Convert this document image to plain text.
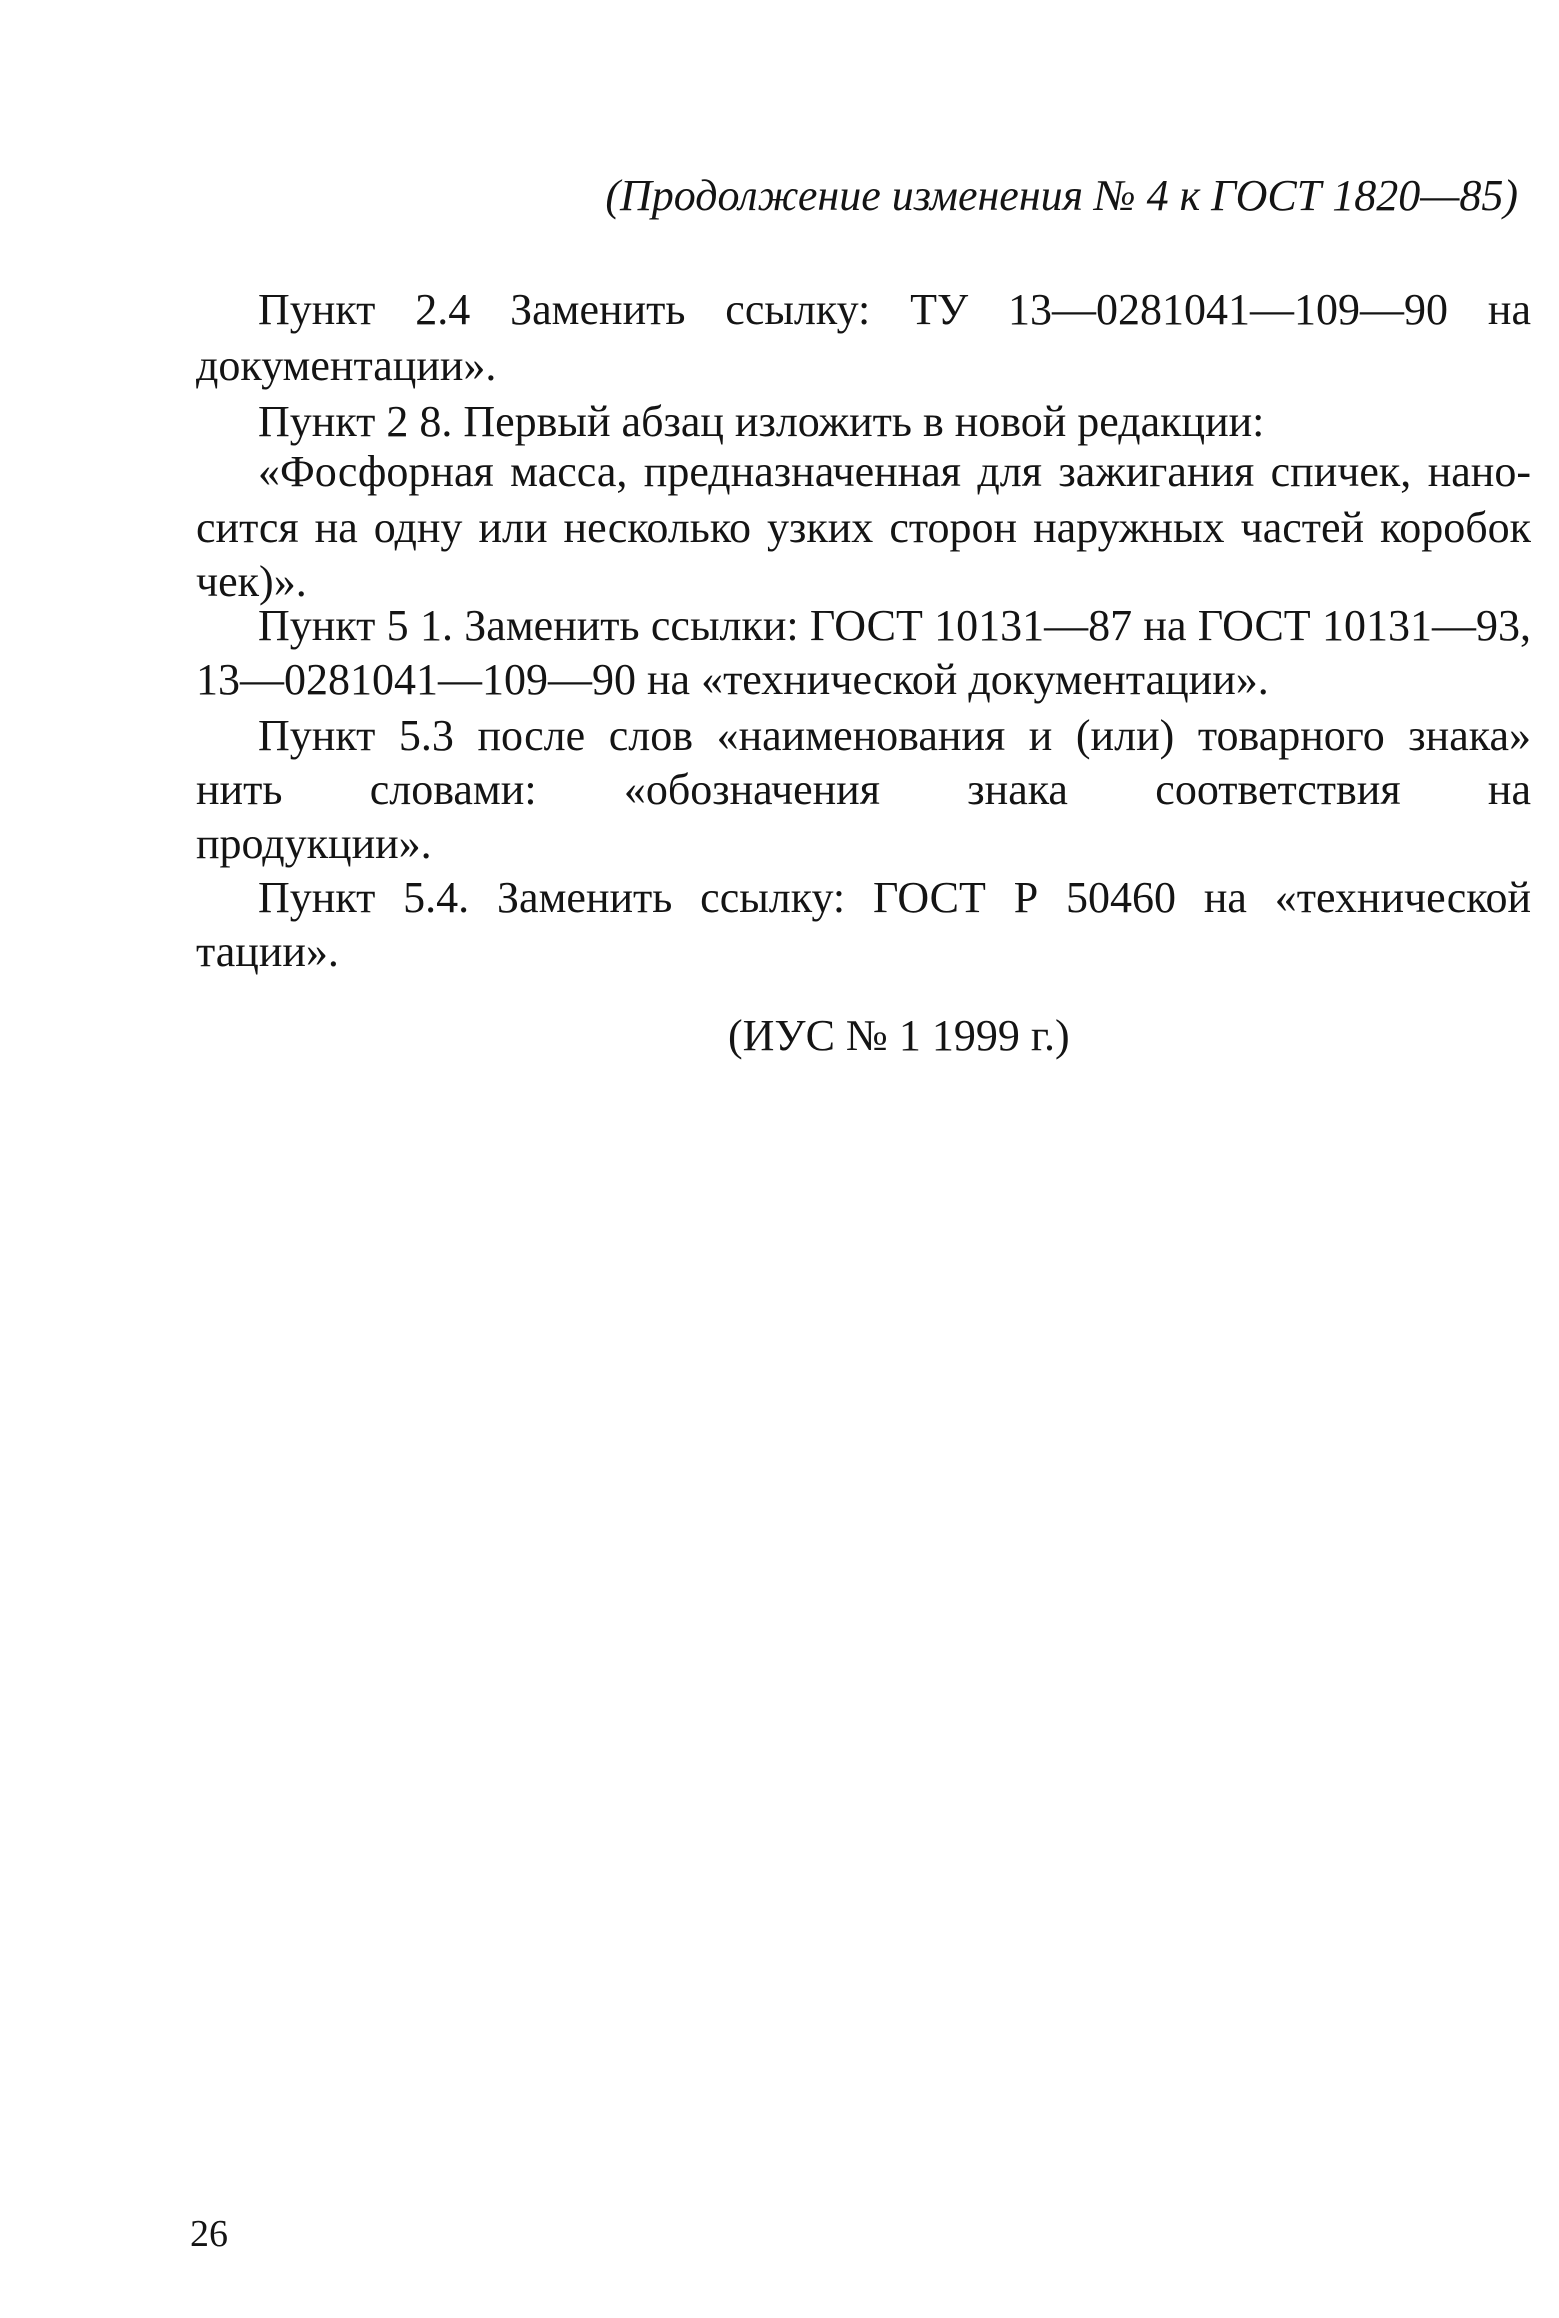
(Продолжение изменения № 4 к ГОСТ 1820—85)
Пункт 2.4 Заменить ссылку: ТУ 13—0281041—109—90 на
документации».
Пункт 2 8. Первый абзац изложить в новой редакции:
«Фосфорная масса, предназначенная для зажигания спичек, нано-
сится на одну или несколько узких сторон наружных частей коробок
чек)».
Пункт 5 1. Заменить ссылки: ГОСТ 10131—87 на ГОСТ 10131—93,
13—0281041—109—90 на «технической документации».
Пункт 5.3 после слов «наименования и (или) товарного знака»
нить словами: «обозначения знака соответствия на
продукции».
Пункт 5.4. Заменить ссылку: ГОСТ Р 50460 на «технической
тации».
(ИУС № 1 1999 г.)
26
